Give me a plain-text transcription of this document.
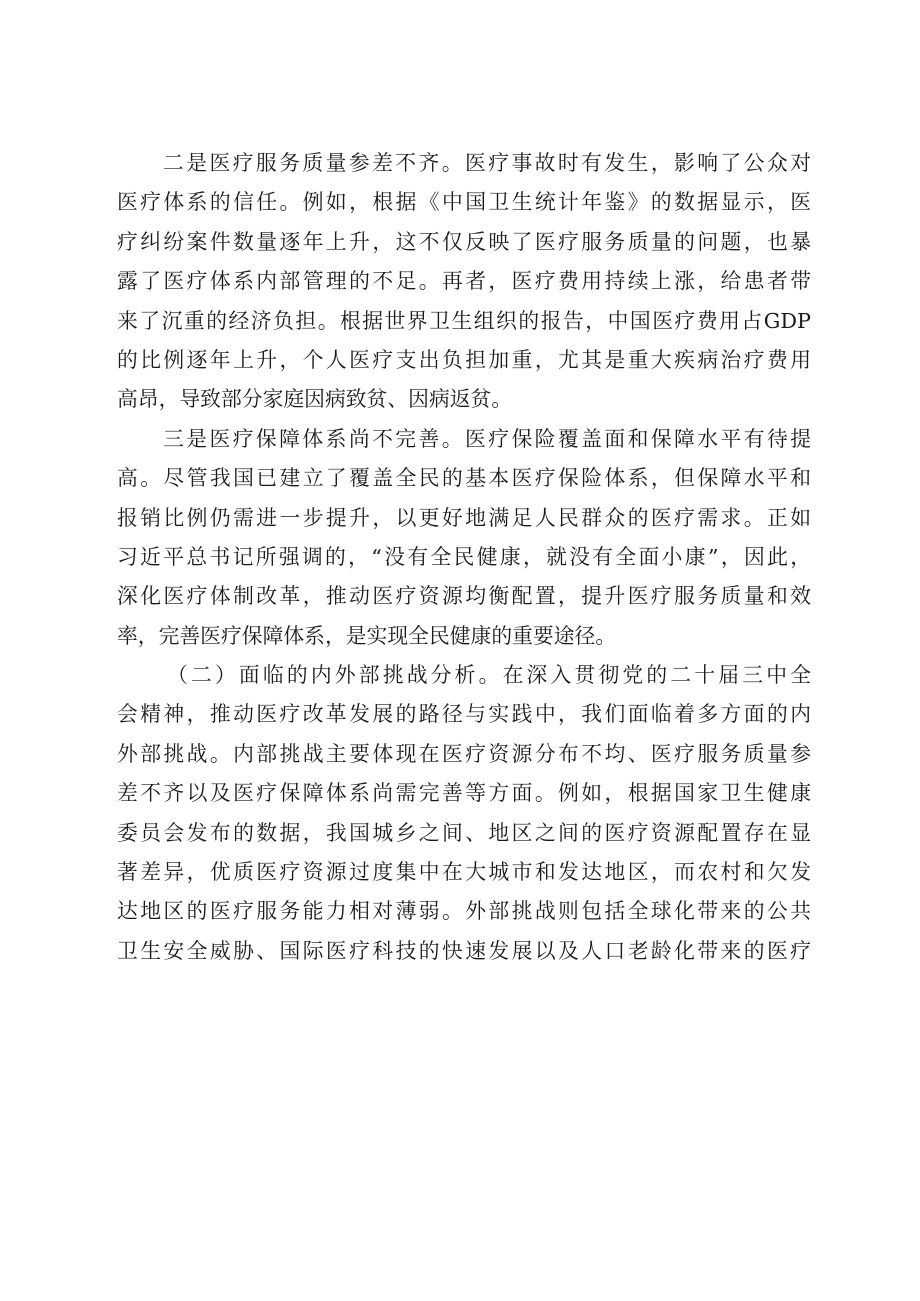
二是医疗服务质量参差不齐。医疗事故时有发生，影响了公众对
医疗体系的信任。例如，根据《中国卫生统计年鉴》的数据显示，医
疗纠纷案件数量逐年上升，这不仅反映了医疗服务质量的问题，也暴
露了医疗体系内部管理的不足。再者，医疗费用持续上涨，给患者带
来了沉重的经济负担。根据世界卫生组织的报告，中国医疗费用占GDP
的比例逐年上升，个人医疗支出负担加重，尤其是重大疾病治疗费用
高昂，导致部分家庭因病致贫、因病返贫。
三是医疗保障体系尚不完善。医疗保险覆盖面和保障水平有待提
高。尽管我国已建立了覆盖全民的基本医疗保险体系，但保障水平和
报销比例仍需进一步提升，以更好地满足人民群众的医疗需求。正如
习近平总书记所强调的，“没有全民健康，就没有全面小康”，因此，
深化医疗体制改革，推动医疗资源均衡配置，提升医疗服务质量和效
率，完善医疗保障体系，是实现全民健康的重要途径。
（二）面临的内外部挑战分析。在深入贯彻党的二十届三中全
会精神，推动医疗改革发展的路径与实践中，我们面临着多方面的内
外部挑战。内部挑战主要体现在医疗资源分布不均、医疗服务质量参
差不齐以及医疗保障体系尚需完善等方面。例如，根据国家卫生健康
委员会发布的数据，我国城乡之间、地区之间的医疗资源配置存在显
著差异，优质医疗资源过度集中在大城市和发达地区，而农村和欠发
达地区的医疗服务能力相对薄弱。外部挑战则包括全球化带来的公共
卫生安全威胁、国际医疗科技的快速发展以及人口老龄化带来的医疗
